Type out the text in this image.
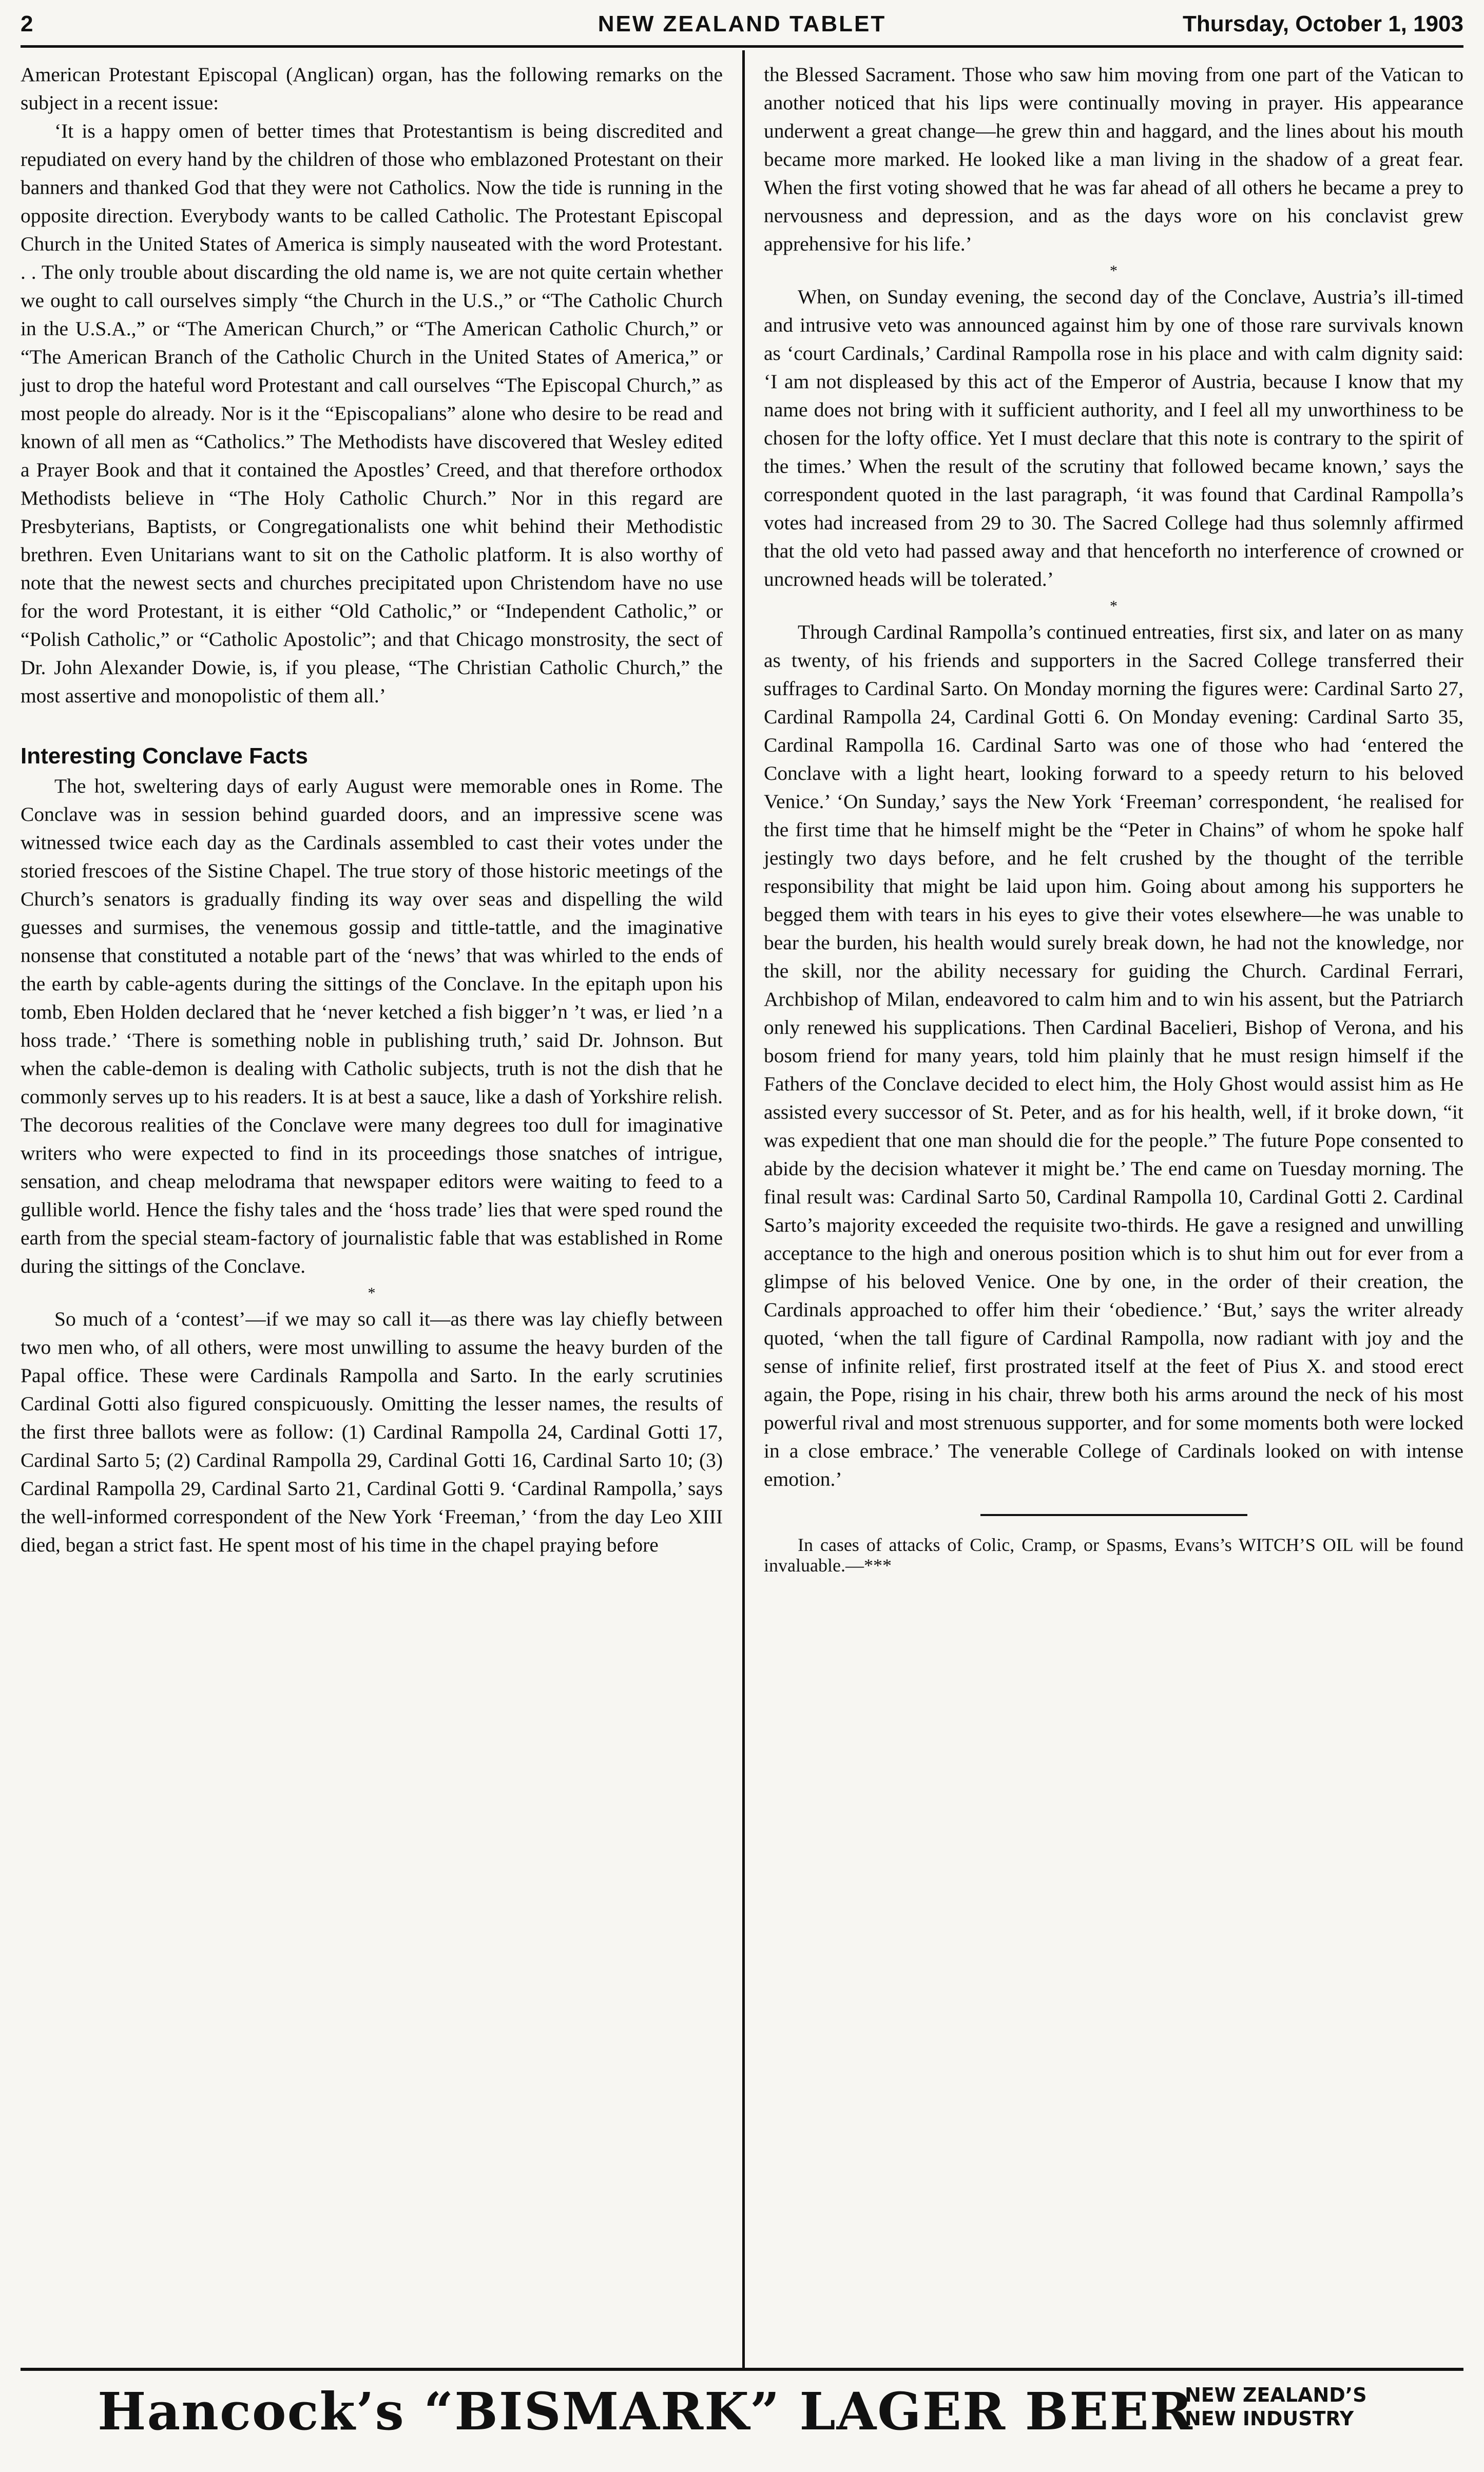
2	NEW ZEALAND TABLET	Thursday, October 1, 1903

American Protestant Episcopal (Anglican) organ, has the following remarks on the subject in a recent issue:

‘It is a happy omen of better times that Protestantism is being discredited and repudiated on every hand by the children of those who emblazoned Protestant on their banners and thanked God that they were not Catholics. Now the tide is running in the opposite direction. Everybody wants to be called Catholic. The Protestant Episcopal Church in the United States of America is simply nauseated with the word Protestant. . . The only trouble about discarding the old name is, we are not quite certain whether we ought to call ourselves simply “the Church in the U.S.,” or “The Catholic Church in the U.S.A.,” or “The American Church,” or “The American Catholic Church,” or “The American Branch of the Catholic Church in the United States of America,” or just to drop the hateful word Protestant and call ourselves “The Episcopal Church,” as most people do already. Nor is it the “Episcopalians” alone who desire to be read and known of all men as “Catholics.” The Methodists have discovered that Wesley edited a Prayer Book and that it contained the Apostles’ Creed, and that therefore orthodox Methodists believe in “The Holy Catholic Church.” Nor in this regard are Presbyterians, Baptists, or Congregationalists one whit behind their Methodistic brethren. Even Unitarians want to sit on the Catholic platform. It is also worthy of note that the newest sects and churches precipitated upon Christendom have no use for the word Protestant, it is either “Old Catholic,” or “Independent Catholic,” or “Polish Catholic,” or “Catholic Apostolic”; and that Chicago monstrosity, the sect of Dr. John Alexander Dowie, is, if you please, “The Christian Catholic Church,” the most assertive and monopolistic of them all.’

Interesting Conclave Facts

The hot, sweltering days of early August were memorable ones in Rome. The Conclave was in session behind guarded doors, and an impressive scene was witnessed twice each day as the Cardinals assembled to cast their votes under the storied frescoes of the Sistine Chapel. The true story of those historic meetings of the Church’s senators is gradually finding its way over seas and dispelling the wild guesses and surmises, the venemous gossip and tittle-tattle, and the imaginative nonsense that constituted a notable part of the ‘news’ that was whirled to the ends of the earth by cable-agents during the sittings of the Conclave. In the epitaph upon his tomb, Eben Holden declared that he ‘never ketched a fish bigger’n ’t was, er lied ’n a hoss trade.’ ‘There is something noble in publishing truth,’ said Dr. Johnson. But when the cable-demon is dealing with Catholic subjects, truth is not the dish that he commonly serves up to his readers. It is at best a sauce, like a dash of Yorkshire relish. The decorous realities of the Conclave were many degrees too dull for imaginative writers who were expected to find in its proceedings those snatches of intrigue, sensation, and cheap melodrama that newspaper editors were waiting to feed to a gullible world. Hence the fishy tales and the ‘hoss trade’ lies that were sped round the earth from the special steam-factory of journalistic fable that was established in Rome during the sittings of the Conclave.

*

So much of a ‘contest’—if we may so call it—as there was lay chiefly between two men who, of all others, were most unwilling to assume the heavy burden of the Papal office. These were Cardinals Rampolla and Sarto. In the early scrutinies Cardinal Gotti also figured conspicuously. Omitting the lesser names, the results of the first three ballots were as follow: (1) Cardinal Rampolla 24, Cardinal Gotti 17, Cardinal Sarto 5; (2) Cardinal Rampolla 29, Cardinal Gotti 16, Cardinal Sarto 10; (3) Cardinal Rampolla 29, Cardinal Sarto 21, Cardinal Gotti 9. ‘Cardinal Rampolla,’ says the well-informed correspondent of the New York ‘Freeman,’ ‘from the day Leo XIII died, began a strict fast. He spent most of his time in the chapel praying before

the Blessed Sacrament. Those who saw him moving from one part of the Vatican to another noticed that his lips were continually moving in prayer. His appearance underwent a great change—he grew thin and haggard, and the lines about his mouth became more marked. He looked like a man living in the shadow of a great fear. When the first voting showed that he was far ahead of all others he became a prey to nervousness and depression, and as the days wore on his conclavist grew apprehensive for his life.’

*

When, on Sunday evening, the second day of the Conclave, Austria’s ill-timed and intrusive veto was announced against him by one of those rare survivals known as ‘court Cardinals,’ Cardinal Rampolla rose in his place and with calm dignity said: ‘I am not displeased by this act of the Emperor of Austria, because I know that my name does not bring with it sufficient authority, and I feel all my unworthiness to be chosen for the lofty office. Yet I must declare that this note is contrary to the spirit of the times.’ When the result of the scrutiny that followed became known,’ says the correspondent quoted in the last paragraph, ‘it was found that Cardinal Rampolla’s votes had increased from 29 to 30. The Sacred College had thus solemnly affirmed that the old veto had passed away and that henceforth no interference of crowned or uncrowned heads will be tolerated.’

*

Through Cardinal Rampolla’s continued entreaties, first six, and later on as many as twenty, of his friends and supporters in the Sacred College transferred their suffrages to Cardinal Sarto. On Monday morning the figures were: Cardinal Sarto 27, Cardinal Rampolla 24, Cardinal Gotti 6. On Monday evening: Cardinal Sarto 35, Cardinal Rampolla 16. Cardinal Sarto was one of those who had ‘entered the Conclave with a light heart, looking forward to a speedy return to his beloved Venice.’ ‘On Sunday,’ says the New York ‘Freeman’ correspondent, ‘he realised for the first time that he himself might be the “Peter in Chains” of whom he spoke half jestingly two days before, and he felt crushed by the thought of the terrible responsibility that might be laid upon him. Going about among his supporters he begged them with tears in his eyes to give their votes elsewhere—he was unable to bear the burden, his health would surely break down, he had not the knowledge, nor the skill, nor the ability necessary for guiding the Church. Cardinal Ferrari, Archbishop of Milan, endeavored to calm him and to win his assent, but the Patriarch only renewed his supplications. Then Cardinal Bacelieri, Bishop of Verona, and his bosom friend for many years, told him plainly that he must resign himself if the Fathers of the Conclave decided to elect him, the Holy Ghost would assist him as He assisted every successor of St. Peter, and as for his health, well, if it broke down, “it was expedient that one man should die for the people.” The future Pope consented to abide by the decision whatever it might be.’ The end came on Tuesday morning. The final result was: Cardinal Sarto 50, Cardinal Rampolla 10, Cardinal Gotti 2. Cardinal Sarto’s majority exceeded the requisite two-thirds. He gave a resigned and unwilling acceptance to the high and onerous position which is to shut him out for ever from a glimpse of his beloved Venice. One by one, in the order of their creation, the Cardinals approached to offer him their ‘obedience.’ ‘But,’ says the writer already quoted, ‘when the tall figure of Cardinal Rampolla, now radiant with joy and the sense of infinite relief, first prostrated itself at the feet of Pius X. and stood erect again, the Pope, rising in his chair, threw both his arms around the neck of his most powerful rival and most strenuous supporter, and for some moments both were locked in a close embrace.’ The venerable College of Cardinals looked on with intense emotion.’

In cases of attacks of Colic, Cramp, or Spasms, Evans’s WITCH’S OIL will be found invaluable.—***

Hancock’s “BISMARK” LAGER BEER
NEW ZEALAND’S
NEW INDUSTRY
